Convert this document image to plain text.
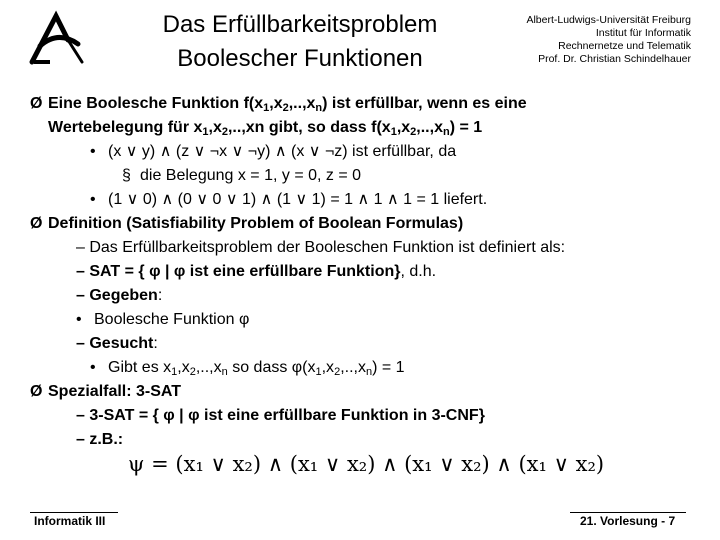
Das Erfüllbarkeitsproblem
Boolescher Funktionen
Albert-Ludwigs-Universität Freiburg
Institut für Informatik
Rechnernetze und Telematik
Prof. Dr. Christian Schindelhauer
Ø Eine Boolesche Funktion $f(x_1,x_2,..,x_n)$ ist erfüllbar, wenn es eine
Wertebelegung für $x_1,x_2,..,xn$ gibt, so dass $f(x_1,x_2,..,x_n) = 1$
• (x ∨ y) ∧ (z ∨ ¬x ∨ ¬y) ∧ (x ∨ ¬z) ist erfüllbar, da
§ die Belegung x = 1, y = 0, z = 0
• (1 ∨ 0) ∧ (0 ∨ 0 ∨ 1) ∧ (1 ∨ 1) = 1 ∧ 1 ∧ 1 = 1 liefert.
Ø Definition (Satisfiability Problem of Boolean Formulas)
– Das Erfüllbarkeitsproblem der Booleschen Funktion ist definiert als:
– SAT = { φ | φ ist eine erfüllbare Funktion}, d.h.
– Gegeben:
• Boolesche Funktion φ
– Gesucht:
• Gibt es $x_1,x_2,..,x_n$ so dass $\varphi(x_1,x_2,..,x_n) = 1$
Ø Spezialfall: 3-SAT
– 3-SAT = { φ | φ ist eine erfüllbare Funktion in 3-CNF}
– z.B.:
ψ = (x₁ ∨ x₂) ∧ (x₁ ∨ x₂) ∧ (x₁ ∨ x₂) ∧ (x₁ ∨ x₂)
Informatik III	21. Vorlesung - 7
